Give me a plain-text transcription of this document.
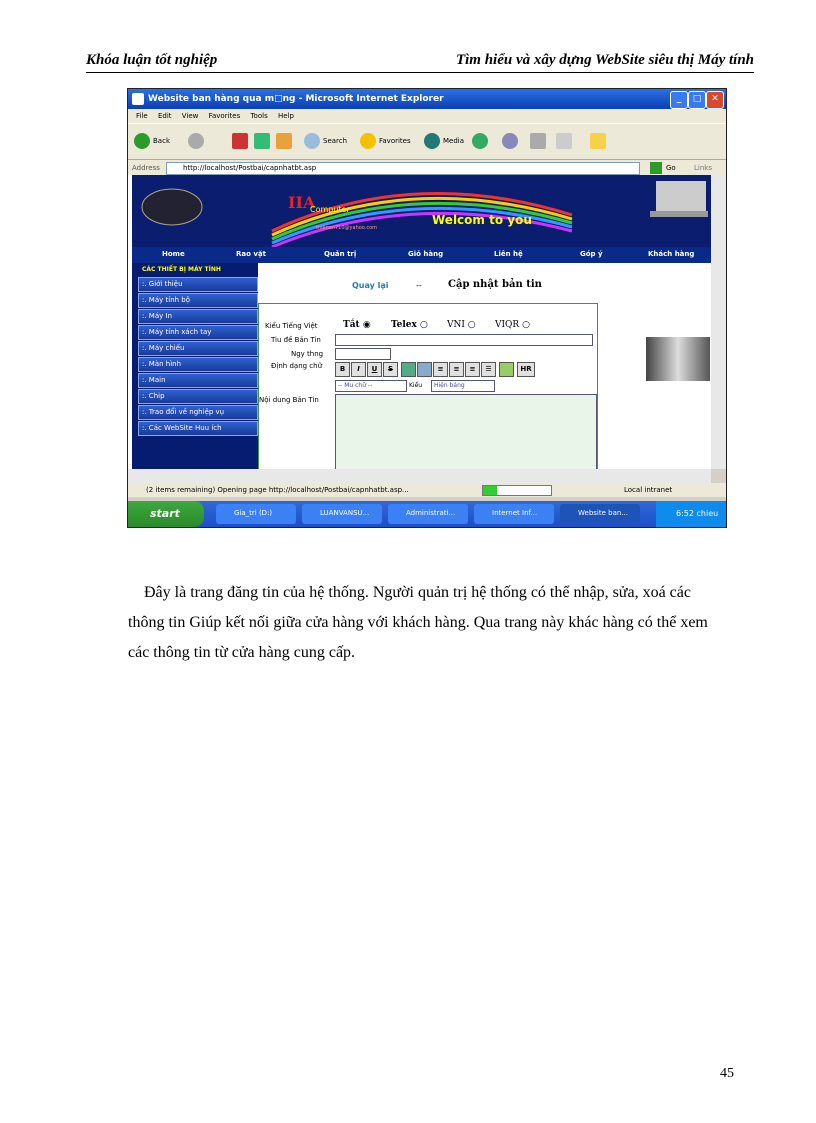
Khóa luận tốt nghiệp	Tìm hiểu và xây dựng WebSite siêu thị Máy tính
Website ban hàng qua m□ng - Microsoft Internet Explorer	_	□	✕
File Edit View Favorites Tools Help
Back	Search	Favorites	Media
Address	http://localhost/Postbai/capnhatbt.asp	Go	Links
IIA
Computer
thienan710@yahoo.com
Welcom to you
Home	Rao vặt	Quản trị	Giỏ hàng	Liên hệ	Góp ý	Khách hàng
CÁC THIẾT BỊ MÁY TÍNH
:. Giới thiệu
:. Máy tính bộ
:. Máy In
:. Máy tính xách tay
:. Máy chiếu
:. Màn hình
:. Main
:. Chip
:. Trao đổi về nghiệp vụ
:. Các WebSite Huu ích
Quay lại	--	Cập nhật bản tin
Kiểu Tiếng Việt	Tắt ◉ Telex ○ VNI ○ VIQR ○
Tiu đề Bản Tin
Ngy thng
Định dạng chữ	B	I	U	S	≡	≡	≡	☰	HR
-- Mu chữ --	Kiểu Hiện bảng
Nội dung Bản Tin
(2 items remaining) Opening page http://localhost/Postbai/capnhatbt.asp...	Local intranet
start	Gia_tri (D:)	LUANVANSU...	Administrati...	Internet Inf...	Website ban...	6:52 chieu
Đây là trang đăng tin của hệ thống. Người quản trị hệ thống có thể nhập, sửa, xoá các thông tin Giúp kết nối giữa cửa hàng với khách hàng. Qua trang này khác hàng có thể xem các thông tin từ cửa hàng cung cấp.
45
